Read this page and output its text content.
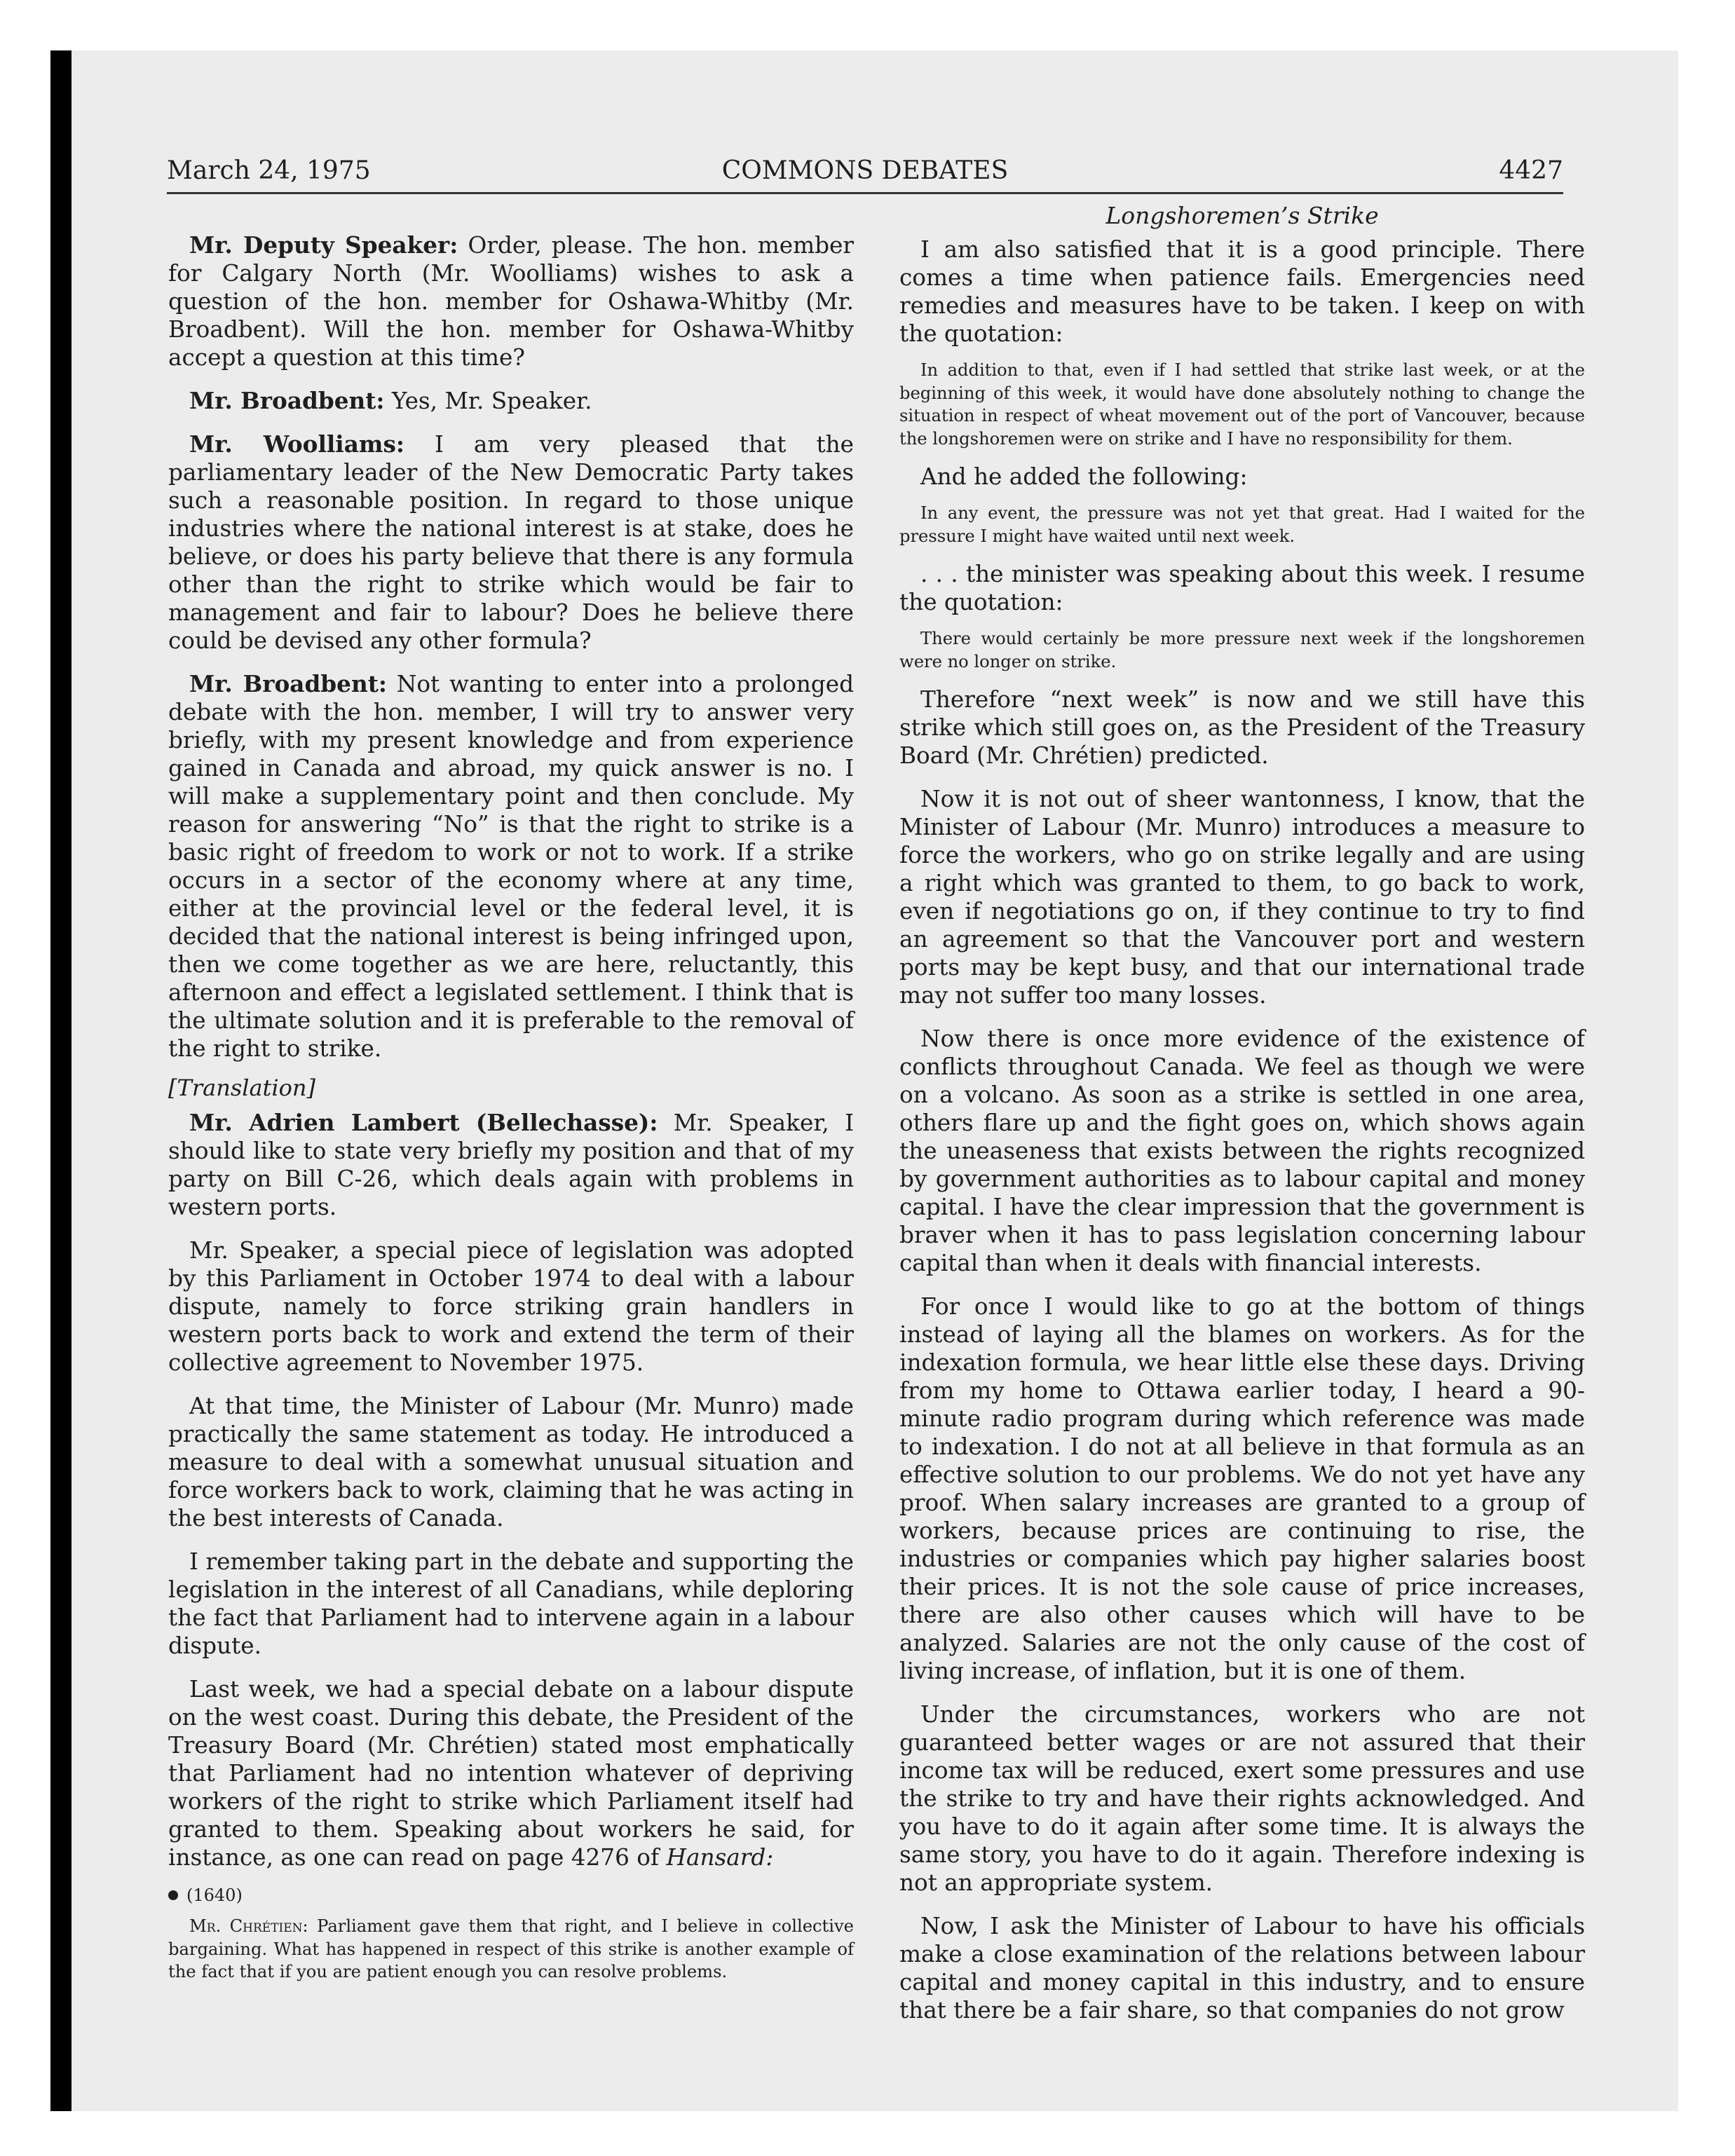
March 24, 1975	COMMONS DEBATES	4427

Mr. Deputy Speaker: Order, please. The hon. member for Calgary North (Mr. Woolliams) wishes to ask a question of the hon. member for Oshawa-Whitby (Mr. Broadbent). Will the hon. member for Oshawa-Whitby accept a question at this time?

Mr. Broadbent: Yes, Mr. Speaker.

Mr. Woolliams: I am very pleased that the parliamentary leader of the New Democratic Party takes such a reasonable position. In regard to those unique industries where the national interest is at stake, does he believe, or does his party believe that there is any formula other than the right to strike which would be fair to management and fair to labour? Does he believe there could be devised any other formula?

Mr. Broadbent: Not wanting to enter into a prolonged debate with the hon. member, I will try to answer very briefly, with my present knowledge and from experience gained in Canada and abroad, my quick answer is no. I will make a supplementary point and then conclude. My reason for answering “No” is that the right to strike is a basic right of freedom to work or not to work. If a strike occurs in a sector of the economy where at any time, either at the provincial level or the federal level, it is decided that the national interest is being infringed upon, then we come together as we are here, reluctantly, this afternoon and effect a legislated settlement. I think that is the ultimate solution and it is preferable to the removal of the right to strike.

[Translation]

Mr. Adrien Lambert (Bellechasse): Mr. Speaker, I should like to state very briefly my position and that of my party on Bill C-26, which deals again with problems in western ports.

Mr. Speaker, a special piece of legislation was adopted by this Parliament in October 1974 to deal with a labour dispute, namely to force striking grain handlers in western ports back to work and extend the term of their collective agreement to November 1975.

At that time, the Minister of Labour (Mr. Munro) made practically the same statement as today. He introduced a measure to deal with a somewhat unusual situation and force workers back to work, claiming that he was acting in the best interests of Canada.

I remember taking part in the debate and supporting the legislation in the interest of all Canadians, while deploring the fact that Parliament had to intervene again in a labour dispute.

Last week, we had a special debate on a labour dispute on the west coast. During this debate, the President of the Treasury Board (Mr. Chrétien) stated most emphatically that Parliament had no intention whatever of depriving workers of the right to strike which Parliament itself had granted to them. Speaking about workers he said, for instance, as one can read on page 4276 of Hansard:

(1640)
Mr. Chrétien: Parliament gave them that right, and I believe in collective bargaining. What has happened in respect of this strike is another example of the fact that if you are patient enough you can resolve problems.
Longshoremen’s Strike

I am also satisfied that it is a good principle. There comes a time when patience fails. Emergencies need remedies and measures have to be taken. I keep on with the quotation:

In addition to that, even if I had settled that strike last week, or at the beginning of this week, it would have done absolutely nothing to change the situation in respect of wheat movement out of the port of Vancouver, because the longshoremen were on strike and I have no responsibility for them.

And he added the following:

In any event, the pressure was not yet that great. Had I waited for the pressure I might have waited until next week.

. . . the minister was speaking about this week. I resume the quotation:

There would certainly be more pressure next week if the longshoremen were no longer on strike.

Therefore “next week” is now and we still have this strike which still goes on, as the President of the Treasury Board (Mr. Chrétien) predicted.

Now it is not out of sheer wantonness, I know, that the Minister of Labour (Mr. Munro) introduces a measure to force the workers, who go on strike legally and are using a right which was granted to them, to go back to work, even if negotiations go on, if they continue to try to find an agreement so that the Vancouver port and western ports may be kept busy, and that our international trade may not suffer too many losses.

Now there is once more evidence of the existence of conflicts throughout Canada. We feel as though we were on a volcano. As soon as a strike is settled in one area, others flare up and the fight goes on, which shows again the uneaseness that exists between the rights recognized by government authorities as to labour capital and money capital. I have the clear impression that the government is braver when it has to pass legislation concerning labour capital than when it deals with financial interests.

For once I would like to go at the bottom of things instead of laying all the blames on workers. As for the indexation formula, we hear little else these days. Driving from my home to Ottawa earlier today, I heard a 90-minute radio program during which reference was made to indexation. I do not at all believe in that formula as an effective solution to our problems. We do not yet have any proof. When salary increases are granted to a group of workers, because prices are continuing to rise, the industries or companies which pay higher salaries boost their prices. It is not the sole cause of price increases, there are also other causes which will have to be analyzed. Salaries are not the only cause of the cost of living increase, of inflation, but it is one of them.

Under the circumstances, workers who are not guaranteed better wages or are not assured that their income tax will be reduced, exert some pressures and use the strike to try and have their rights acknowledged. And you have to do it again after some time. It is always the same story, you have to do it again. Therefore indexing is not an appropriate system.

Now, I ask the Minister of Labour to have his officials make a close examination of the relations between labour capital and money capital in this industry, and to ensure that there be a fair share, so that companies do not grow
